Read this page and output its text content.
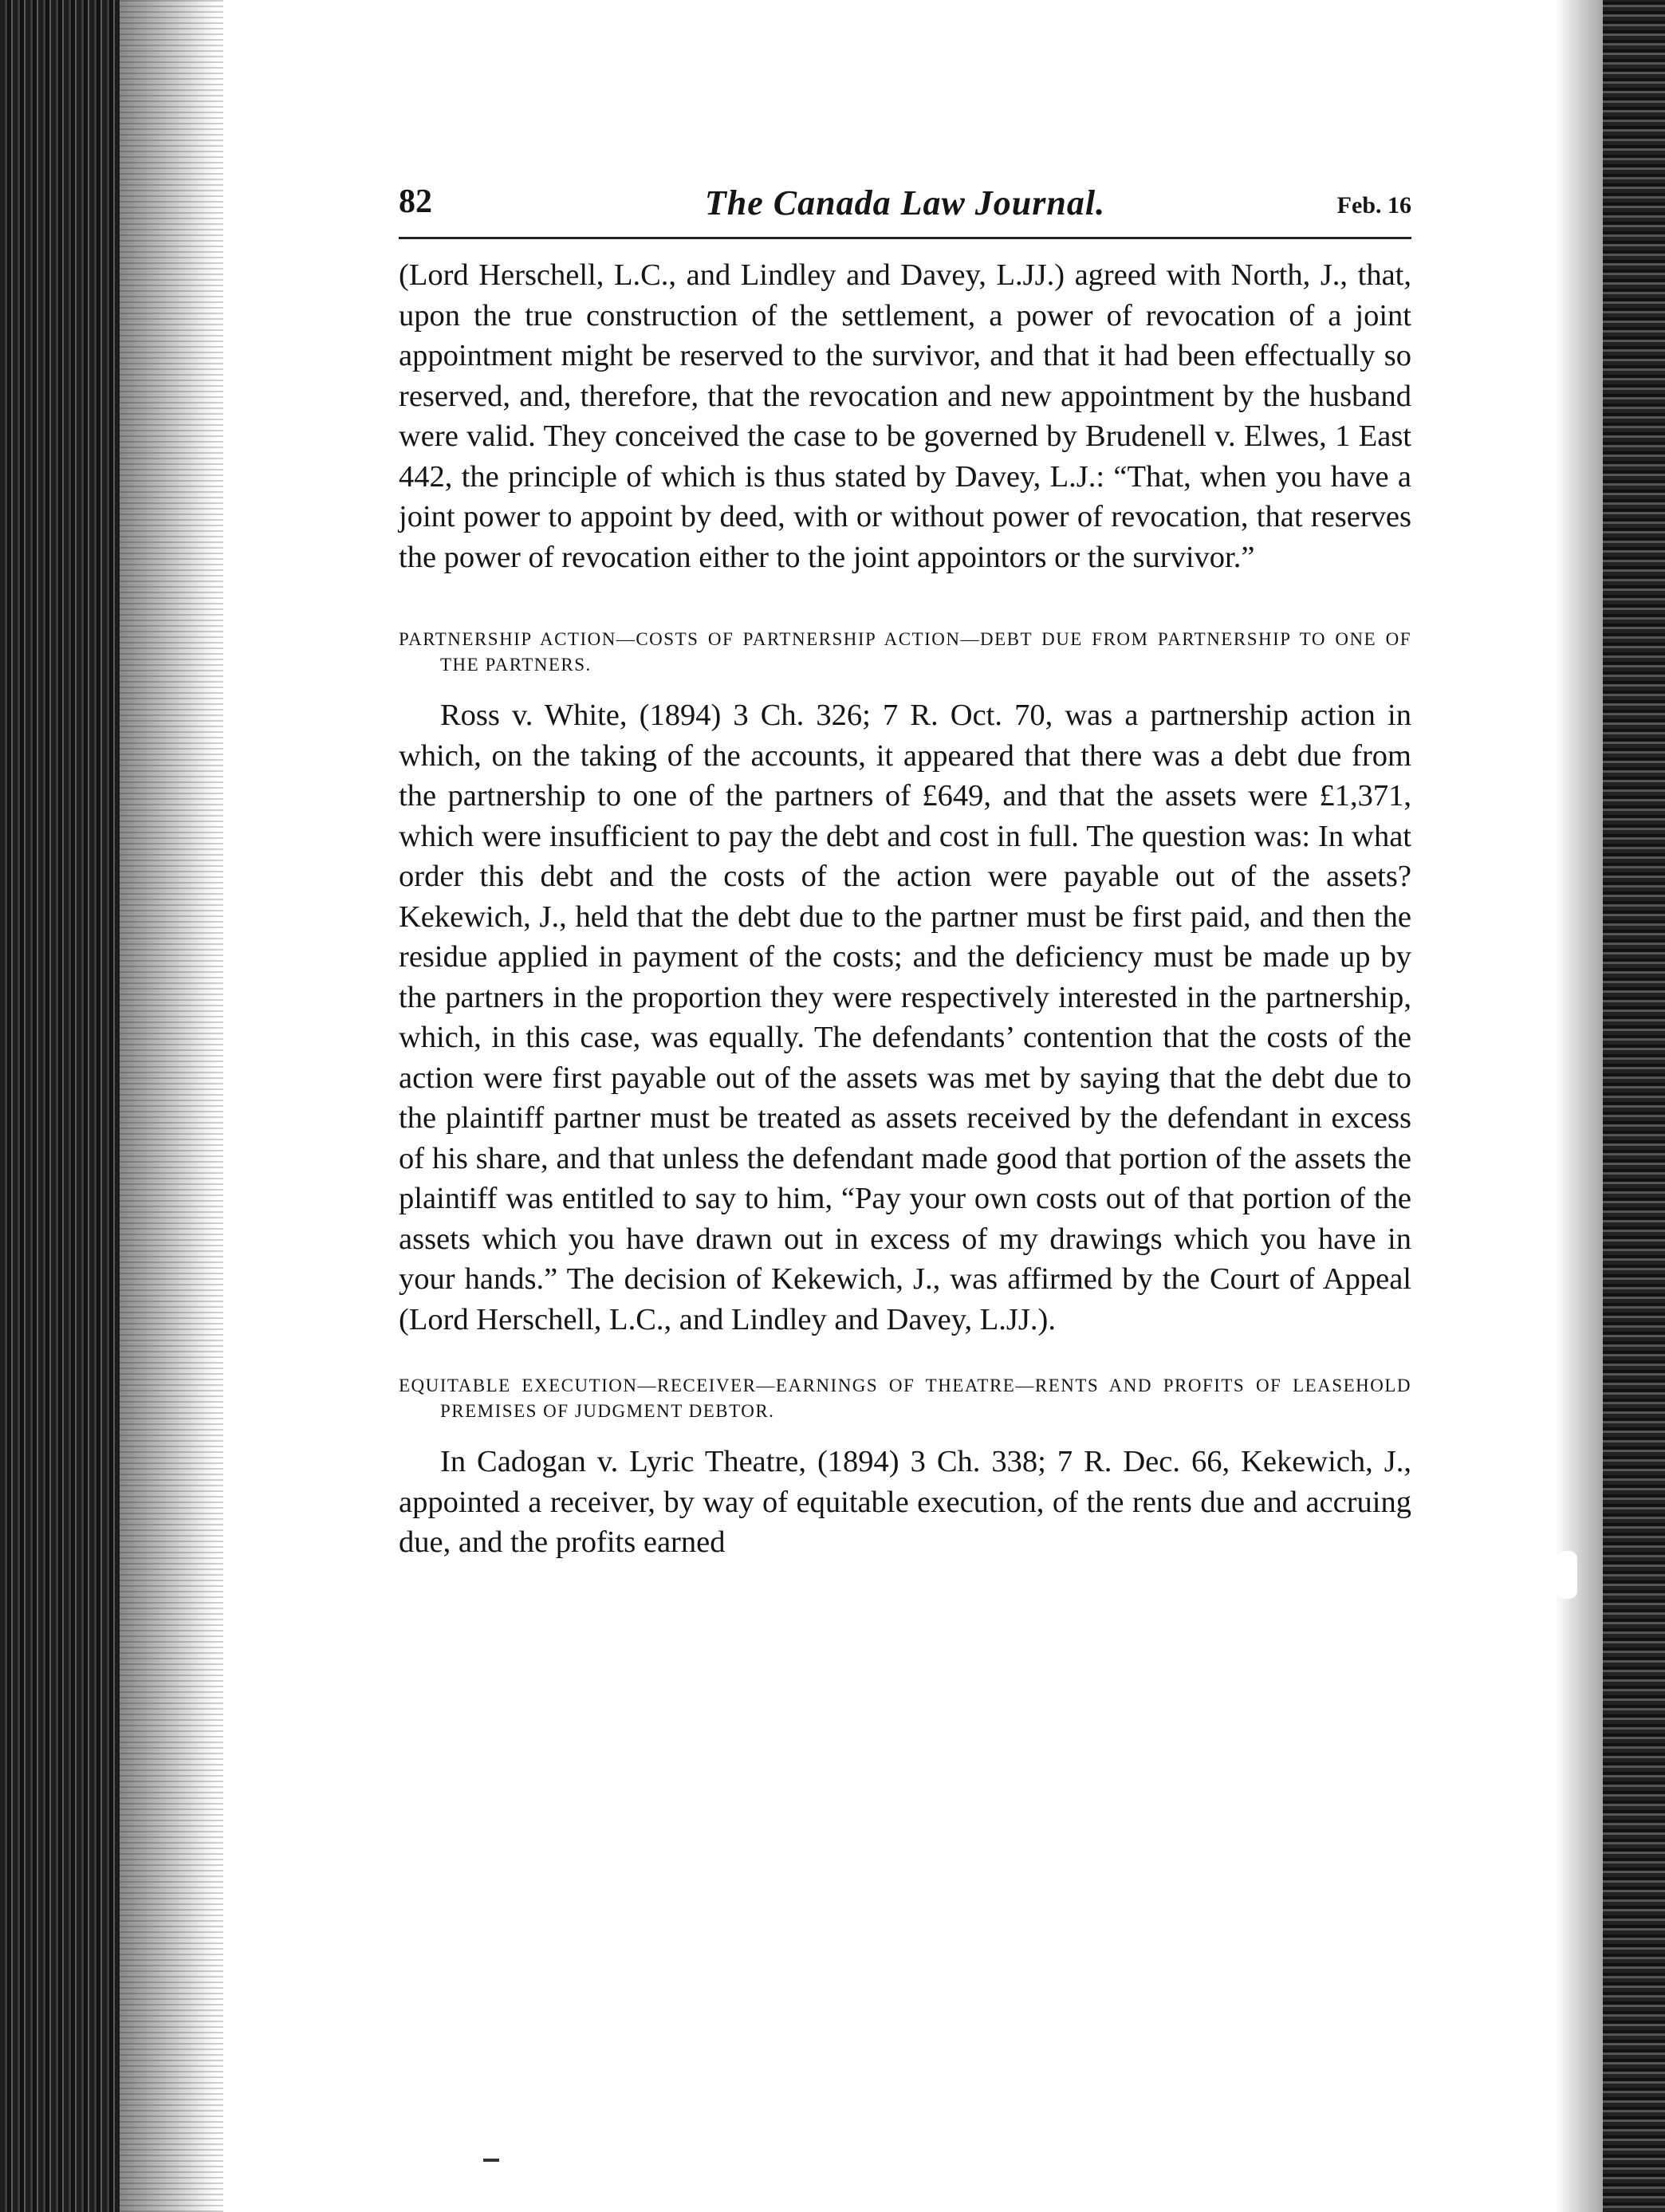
82	The Canada Law Journal.	Feb. 16

(Lord Herschell, L.C., and Lindley and Davey, L.JJ.) agreed with North, J., that, upon the true construction of the settlement, a power of revocation of a joint appointment might be reserved to the survivor, and that it had been effectually so reserved, and, therefore, that the revocation and new appointment by the husband were valid. They conceived the case to be governed by Brudenell v. Elwes, 1 East 442, the principle of which is thus stated by Davey, L.J.: “That, when you have a joint power to appoint by deed, with or without power of revocation, that reserves the power of revocation either to the joint appointors or the survivor.”

PARTNERSHIP ACTION—COSTS OF PARTNERSHIP ACTION—DEBT DUE FROM PARTNERSHIP TO ONE OF THE PARTNERS.

Ross v. White, (1894) 3 Ch. 326; 7 R. Oct. 70, was a partnership action in which, on the taking of the accounts, it appeared that there was a debt due from the partnership to one of the partners of £649, and that the assets were £1,371, which were insufficient to pay the debt and cost in full. The question was: In what order this debt and the costs of the action were payable out of the assets? Kekewich, J., held that the debt due to the partner must be first paid, and then the residue applied in payment of the costs; and the deficiency must be made up by the partners in the proportion they were respectively interested in the partnership, which, in this case, was equally. The defendants’ contention that the costs of the action were first payable out of the assets was met by saying that the debt due to the plaintiff partner must be treated as assets received by the defendant in excess of his share, and that unless the defendant made good that portion of the assets the plaintiff was entitled to say to him, “Pay your own costs out of that portion of the assets which you have drawn out in excess of my drawings which you have in your hands.” The decision of Kekewich, J., was affirmed by the Court of Appeal (Lord Herschell, L.C., and Lindley and Davey, L.JJ.).

EQUITABLE EXECUTION—RECEIVER—EARNINGS OF THEATRE—RENTS AND PROFITS OF LEASEHOLD PREMISES OF JUDGMENT DEBTOR.

In Cadogan v. Lyric Theatre, (1894) 3 Ch. 338; 7 R. Dec. 66, Kekewich, J., appointed a receiver, by way of equitable execution, of the rents due and accruing due, and the profits earned
